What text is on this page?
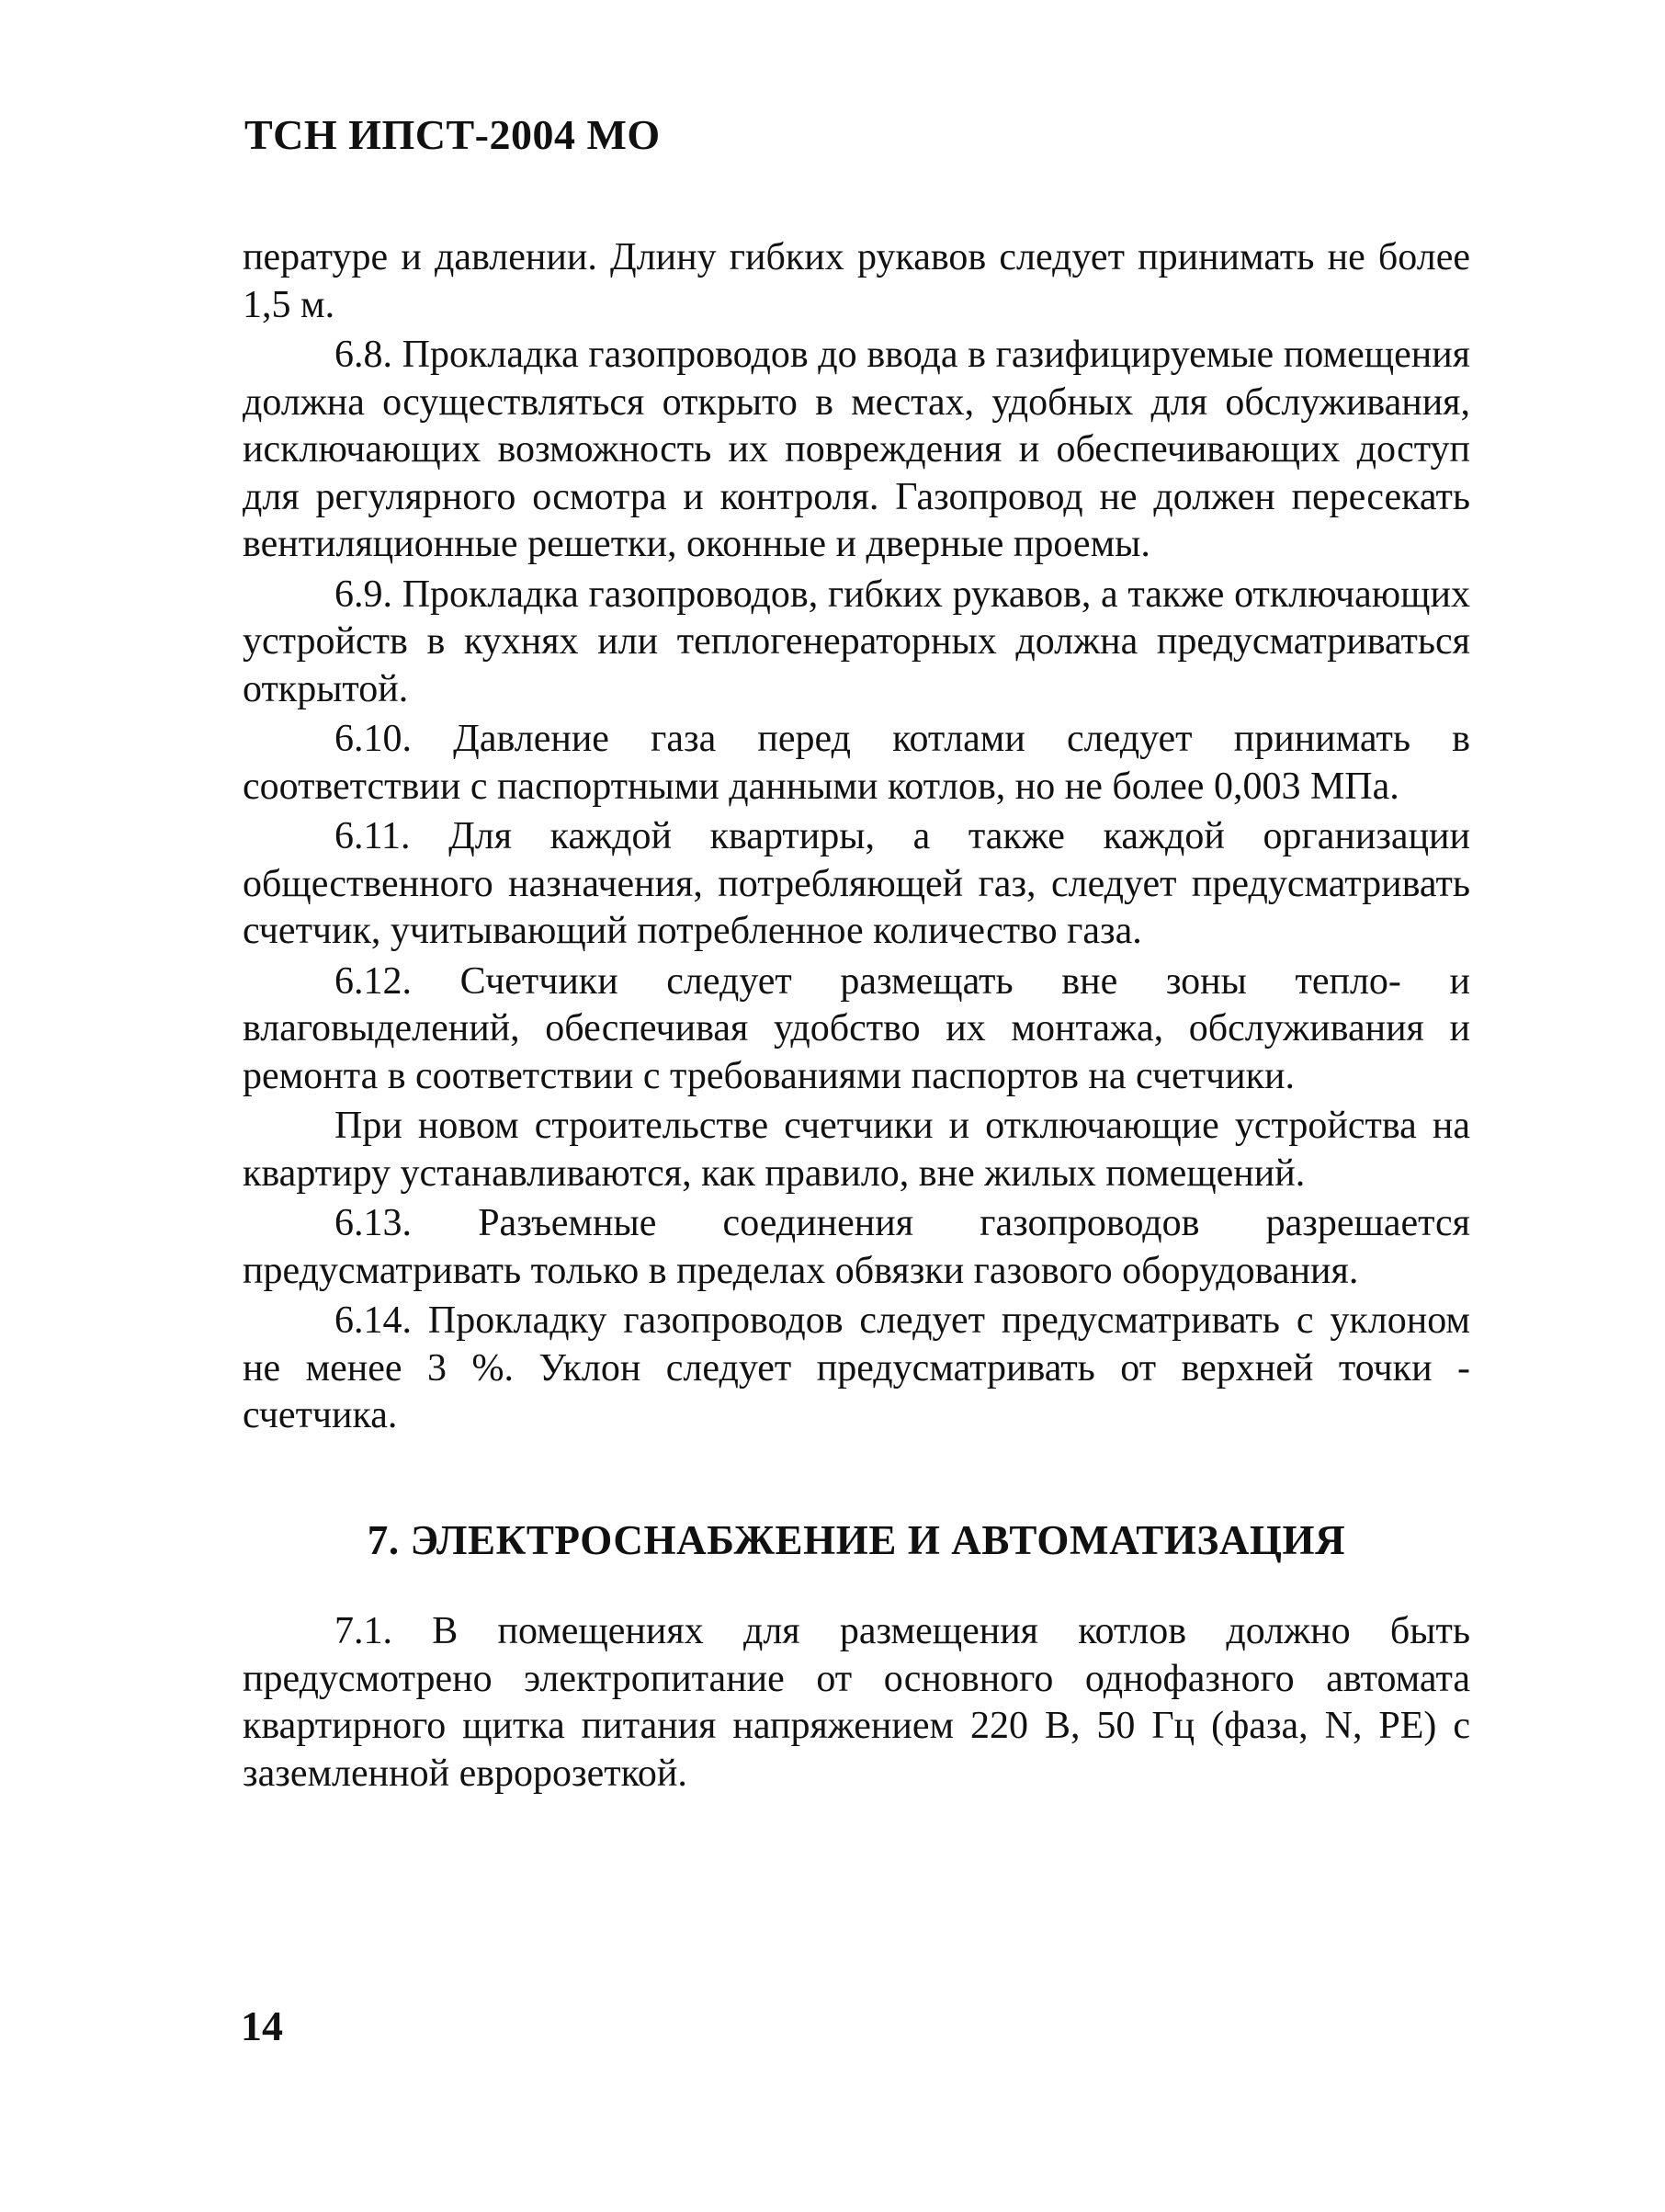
ТСН ИПСТ-2004 МО

пературе и давлении. Длину гибких рукавов следует принимать не более 1,5 м.

6.8. Прокладка газопроводов до ввода в газифицируемые помещения должна осуществляться открыто в местах, удобных для обслуживания, исключающих возможность их повреждения и обеспечивающих доступ для регулярного осмотра и контроля. Газопровод не должен пересекать вентиляционные решетки, оконные и дверные проемы.

6.9. Прокладка газопроводов, гибких рукавов, а также отключающих устройств в кухнях или теплогенераторных должна предусматриваться открытой.

6.10. Давление газа перед котлами следует принимать в соответствии с паспортными данными котлов, но не более 0,003 МПа.

6.11. Для каждой квартиры, а также каждой организации общественного назначения, потребляющей газ, следует предусматривать счетчик, учитывающий потребленное количество газа.

6.12. Счетчики следует размещать вне зоны тепло- и влаговыделений, обеспечивая удобство их монтажа, обслуживания и ремонта в соответствии с требованиями паспортов на счетчики.

При новом строительстве счетчики и отключающие устройства на квартиру устанавливаются, как правило, вне жилых помещений.

6.13. Разъемные соединения газопроводов разрешается предусматривать только в пределах обвязки газового оборудования.

6.14. Прокладку газопроводов следует предусматривать с уклоном не менее 3 %. Уклон следует предусматривать от верхней точки - счетчика.

7. ЭЛЕКТРОСНАБЖЕНИЕ И АВТОМАТИЗАЦИЯ

7.1. В помещениях для размещения котлов должно быть предусмотрено электропитание от основного однофазного автомата квартирного щитка питания напряжением 220 В, 50 Гц (фаза, N, PE) с заземленной евророзеткой.

14
